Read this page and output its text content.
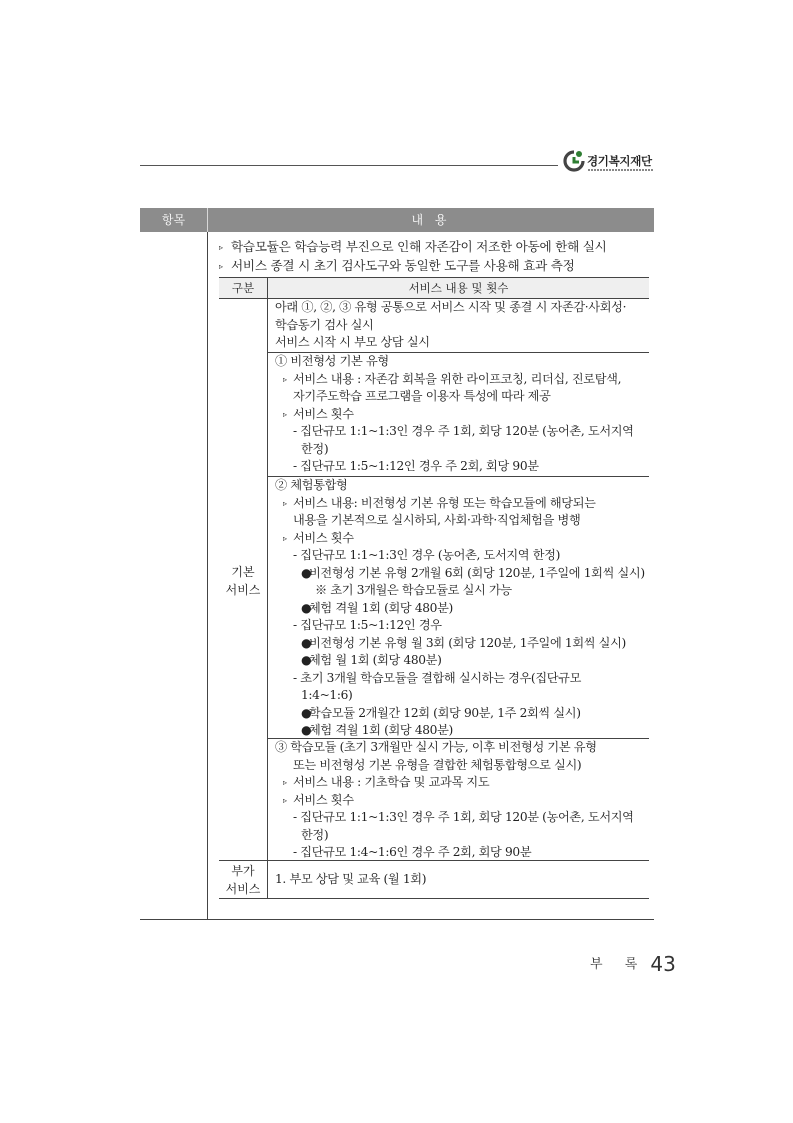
경기복지재단
항목	내 용
▹ 학습모듈은 학습능력 부진으로 인해 자존감이 저조한 아동에 한해 실시
▹ 서비스 종결 시 초기 검사도구와 동일한 도구를 사용해 효과 측정
구분	서비스 내용 및 횟수
기본
서비스
아래 ①, ②, ③ 유형 공통으로 서비스 시작 및 종결 시 자존감·사회성·
학습동기 검사 실시
서비스 시작 시 부모 상담 실시
① 비전형성 기본 유형
▹ 서비스 내용 : 자존감 회복을 위한 라이프코칭, 리더십, 진로탐색,
자기주도학습 프로그램을 이용자 특성에 따라 제공
▹ 서비스 횟수
- 집단규모 1:1~1:3인 경우 주 1회, 회당 120분 (농어촌, 도서지역
한정)
- 집단규모 1:5~1:12인 경우 주 2회, 회당 90분
② 체험통합형
▹ 서비스 내용: 비전형성 기본 유형 또는 학습모듈에 해당되는
내용을 기본적으로 실시하되, 사회·과학·직업체험을 병행
▹ 서비스 횟수
- 집단규모 1:1~1:3인 경우 (농어촌, 도서지역 한정)
●비전형성 기본 유형 2개월 6회 (회당 120분, 1주일에 1회씩 실시)
※ 초기 3개월은 학습모듈로 실시 가능
●체험 격월 1회 (회당 480분)
- 집단규모 1:5~1:12인 경우
●비전형성 기본 유형 월 3회 (회당 120분, 1주일에 1회씩 실시)
●체험 월 1회 (회당 480분)
- 초기 3개월 학습모듈을 결합해 실시하는 경우(집단규모
1:4~1:6)
●학습모듈 2개월간 12회 (회당 90분, 1주 2회씩 실시)
●체험 격월 1회 (회당 480분)
③ 학습모듈 (초기 3개월만 실시 가능, 이후 비전형성 기본 유형
또는 비전형성 기본 유형을 결합한 체험통합형으로 실시)
▹ 서비스 내용 : 기초학습 및 교과목 지도
▹ 서비스 횟수
- 집단규모 1:1~1:3인 경우 주 1회, 회당 120분 (농어촌, 도서지역
한정)
- 집단규모 1:4~1:6인 경우 주 2회, 회당 90분
부가
서비스
1. 부모 상담 및 교육 (월 1회)
부 록 43
